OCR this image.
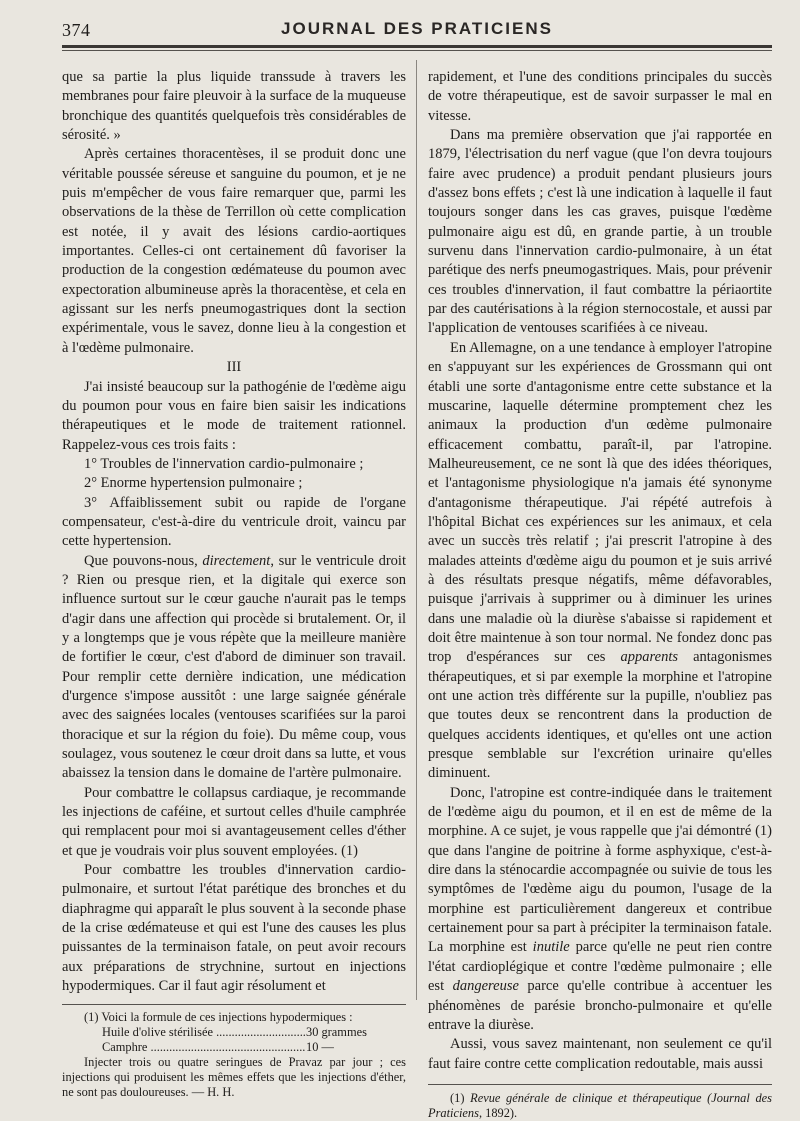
374	JOURNAL DES PRATICIENS

que sa partie la plus liquide transsude à travers les membranes pour faire pleuvoir à la surface de la muqueuse bronchique des quantités quelquefois très considérables de sérosité. »

Après certaines thoracentèses, il se produit donc une véritable poussée séreuse et sanguine du poumon, et je ne puis m'empêcher de vous faire remarquer que, parmi les observations de la thèse de Terrillon où cette complication est notée, il y avait des lésions cardio-aortiques importantes. Celles-ci ont certainement dû favoriser la production de la congestion œdémateuse du poumon avec expectoration albumineuse après la thoracentèse, et cela en agissant sur les nerfs pneumogastriques dont la section expérimentale, vous le savez, donne lieu à la congestion et à l'œdème pulmonaire.

III

J'ai insisté beaucoup sur la pathogénie de l'œdème aigu du poumon pour vous en faire bien saisir les indications thérapeutiques et le mode de traitement rationnel. Rappelez-vous ces trois faits :

1° Troubles de l'innervation cardio-pulmonaire ;

2° Enorme hypertension pulmonaire ;

3° Affaiblissement subit ou rapide de l'organe compensateur, c'est-à-dire du ventricule droit, vaincu par cette hypertension.

Que pouvons-nous, directement, sur le ventricule droit ? Rien ou presque rien, et la digitale qui exerce son influence surtout sur le cœur gauche n'aurait pas le temps d'agir dans une affection qui procède si brutalement. Or, il y a longtemps que je vous répète que la meilleure manière de fortifier le cœur, c'est d'abord de diminuer son travail. Pour remplir cette dernière indication, une médication d'urgence s'impose aussitôt : une large saignée générale avec des saignées locales (ventouses scarifiées sur la paroi thoracique et sur la région du foie). Du même coup, vous soulagez, vous soutenez le cœur droit dans sa lutte, et vous abaissez la tension dans le domaine de l'artère pulmonaire.

Pour combattre le collapsus cardiaque, je recommande les injections de caféine, et surtout celles d'huile camphrée qui remplacent pour moi si avantageusement celles d'éther et que je voudrais voir plus souvent employées. (1)

Pour combattre les troubles d'innervation cardio-pulmonaire, et surtout l'état parétique des bronches et du diaphragme qui apparaît le plus souvent à la seconde phase de la crise œdémateuse et qui est l'une des causes les plus puissantes de la terminaison fatale, on peut avoir recours aux préparations de strychnine, surtout en injections hypodermiques. Car il faut agir résolument et

(1) Voici la formule de ces injections hypodermiques :

Huile d'olive stérilisée .....	30 grammes
Camphre .....	10 —

Injecter trois ou quatre seringues de Pravaz par jour ; ces injections qui produisent les mêmes effets que les injections d'éther, ne sont pas douloureuses. — H. H.

rapidement, et l'une des conditions principales du succès de votre thérapeutique, est de savoir surpasser le mal en vitesse.

Dans ma première observation que j'ai rapportée en 1879, l'électrisation du nerf vague (que l'on devra toujours faire avec prudence) a produit pendant plusieurs jours d'assez bons effets ; c'est là une indication à laquelle il faut toujours songer dans les cas graves, puisque l'œdème pulmonaire aigu est dû, en grande partie, à un trouble survenu dans l'innervation cardio-pulmonaire, à un état parétique des nerfs pneumogastriques. Mais, pour prévenir ces troubles d'innervation, il faut combattre la périaortite par des cautérisations à la région sternocostale, et aussi par l'application de ventouses scarifiées à ce niveau.

En Allemagne, on a une tendance à employer l'atropine en s'appuyant sur les expériences de Grossmann qui ont établi une sorte d'antagonisme entre cette substance et la muscarine, laquelle détermine promptement chez les animaux la production d'un œdème pulmonaire efficacement combattu, paraît-il, par l'atropine. Malheureusement, ce ne sont là que des idées théoriques, et l'antagonisme physiologique n'a jamais été synonyme d'antagonisme thérapeutique. J'ai répété autrefois à l'hôpital Bichat ces expériences sur les animaux, et cela avec un succès très relatif ; j'ai prescrit l'atropine à des malades atteints d'œdème aigu du poumon et je suis arrivé à des résultats presque négatifs, même défavorables, puisque j'arrivais à supprimer ou à diminuer les urines dans une maladie où la diurèse s'abaisse si rapidement et doit être maintenue à son tour normal. Ne fondez donc pas trop d'espérances sur ces apparents antagonismes thérapeutiques, et si par exemple la morphine et l'atropine ont une action très différente sur la pupille, n'oubliez pas que toutes deux se rencontrent dans la production de quelques accidents identiques, et qu'elles ont une action presque semblable sur l'excrétion urinaire qu'elles diminuent.

Donc, l'atropine est contre-indiquée dans le traitement de l'œdème aigu du poumon, et il en est de même de la morphine. A ce sujet, je vous rappelle que j'ai démontré (1) que dans l'angine de poitrine à forme asphyxique, c'est-à-dire dans la sténocardie accompagnée ou suivie de tous les symptômes de l'œdème aigu du poumon, l'usage de la morphine est particulièrement dangereux et contribue certainement pour sa part à précipiter la terminaison fatale. La morphine est inutile parce qu'elle ne peut rien contre l'état cardioplégique et contre l'œdème pulmonaire ; elle est dangereuse parce qu'elle contribue à accentuer les phénomènes de parésie broncho-pulmonaire et qu'elle entrave la diurèse.

Aussi, vous savez maintenant, non seulement ce qu'il faut faire contre cette complication redoutable, mais aussi

(1) Revue générale de clinique et thérapeutique (Journal des Praticiens, 1892).
